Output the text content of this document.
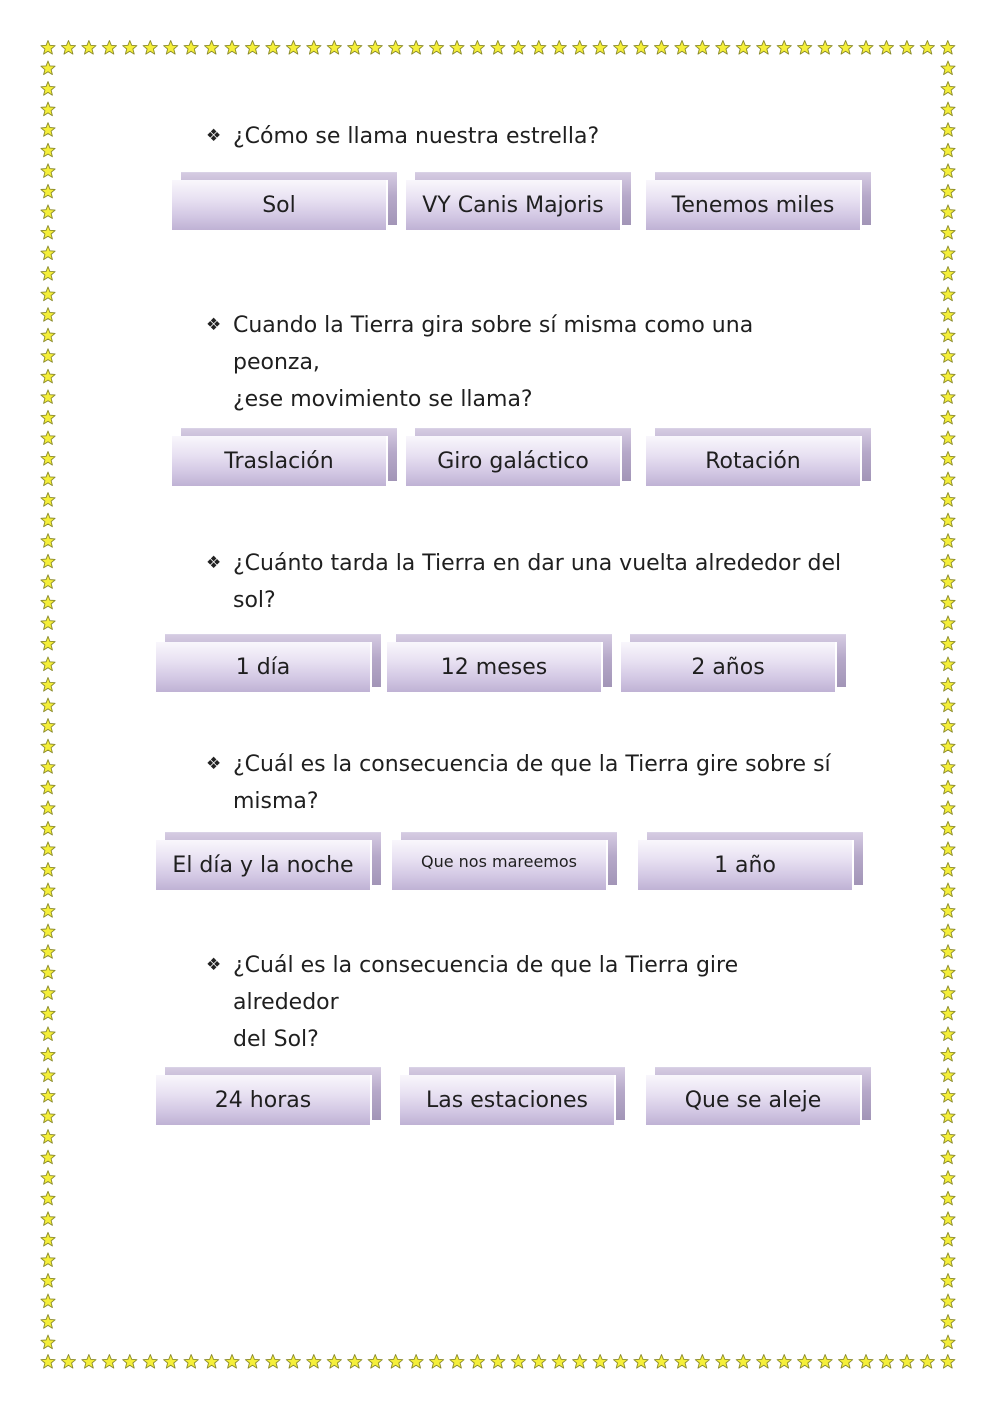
❖ ¿Cómo se llama nuestra estrella?
Sol	VY Canis Majoris	Tenemos miles
❖ Cuando la Tierra gira sobre sí misma como una peonza,
¿ese movimiento se llama?
Traslación	Giro galáctico	Rotación
❖ ¿Cuánto tarda la Tierra en dar una vuelta alrededor del
sol?
1 día	12 meses	2 años
❖ ¿Cuál es la consecuencia de que la Tierra gire sobre sí
misma?
El día y la noche	Que nos mareemos	1 año
❖ ¿Cuál es la consecuencia de que la Tierra gire alrededor
del Sol?
24 horas	Las estaciones	Que se aleje
